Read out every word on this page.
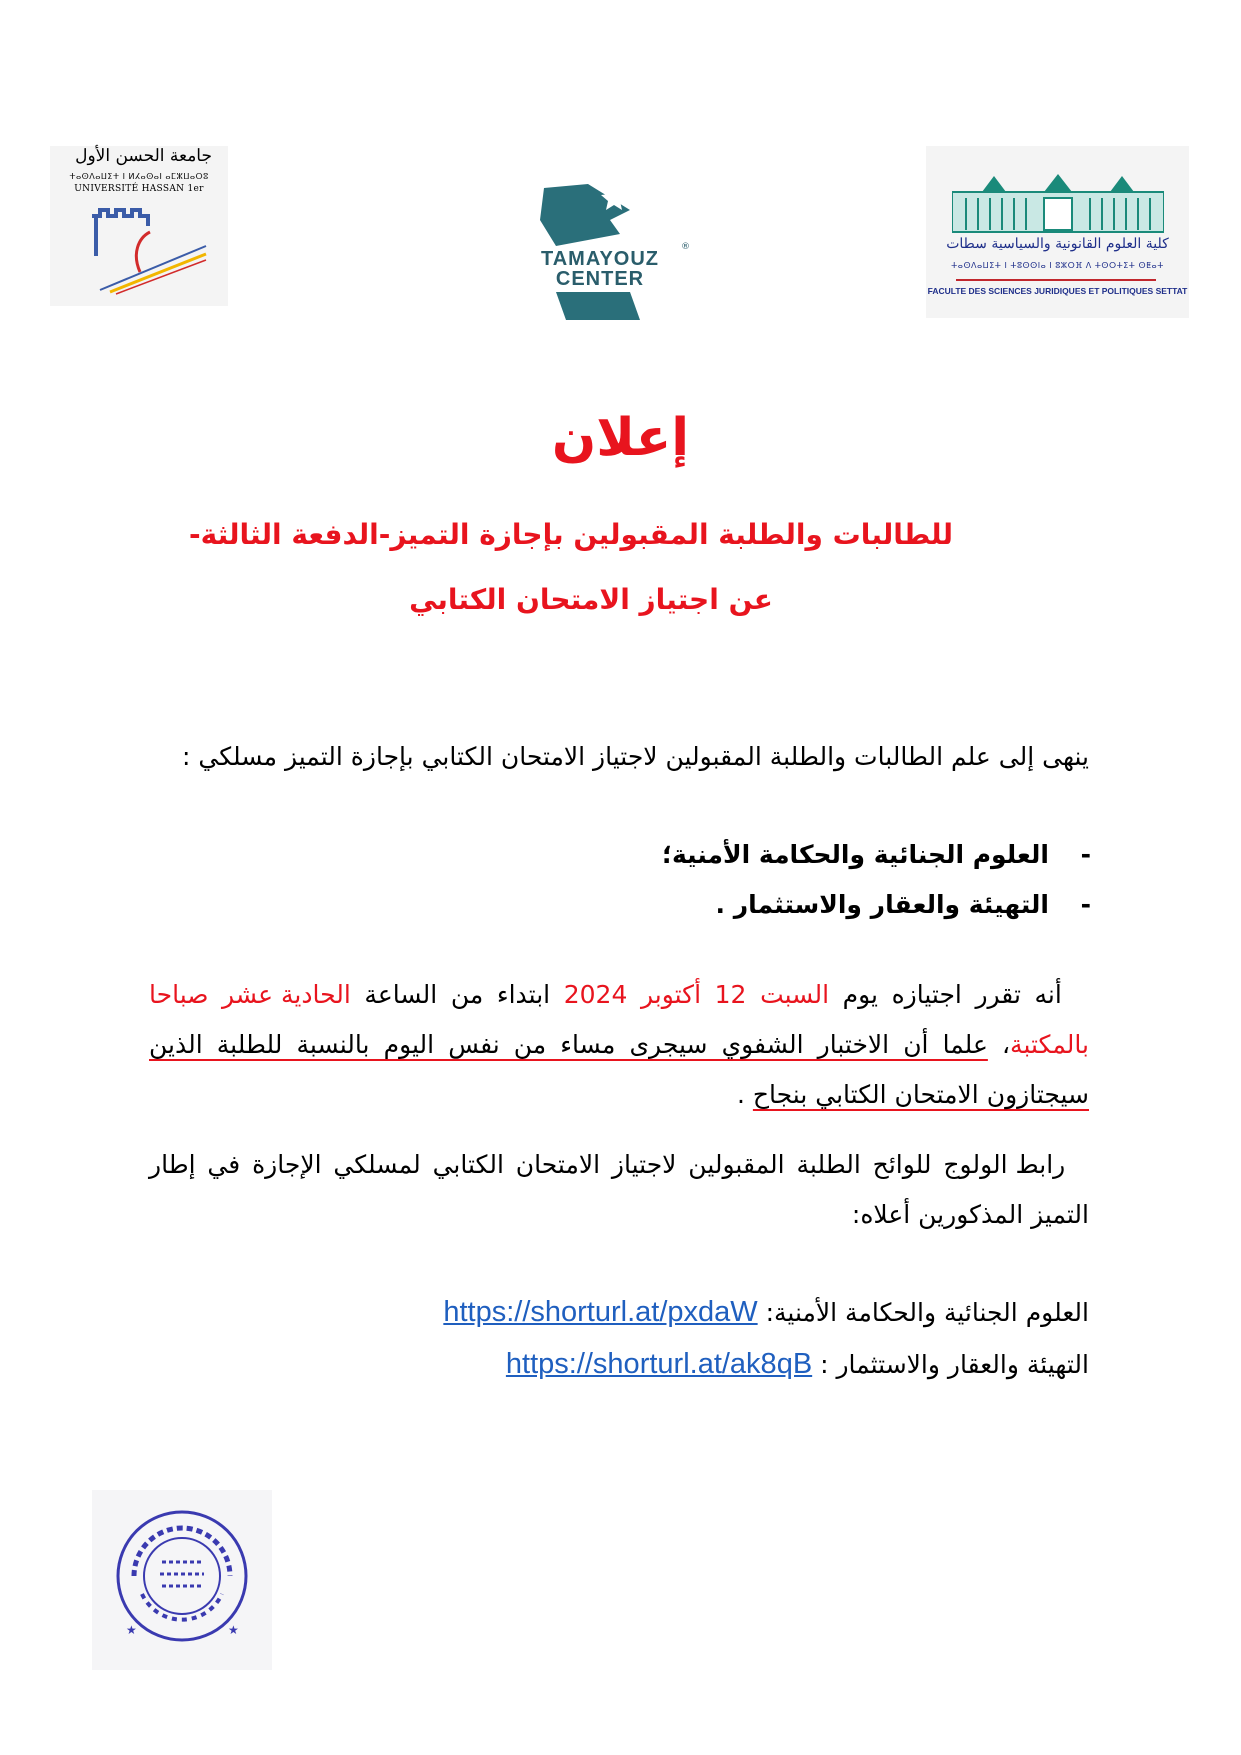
جامعة الحسن الأول
ⵜⴰⵙⴷⴰⵡⵉⵜ ⵏ ⵍⵃⴰⵙⴰⵏ ⴰⵎⵣⵡⴰⵔⵓ
UNIVERSITÉ HASSAN 1er
TAMAYOUZ
CENTER
®	كلية العلوم القانونية والسياسية سطات
ⵜⴰⵙⴷⴰⵡⵉⵜ ⵏ ⵜⵓⵙⵙⵏⴰ ⵏ ⵓⵣⵔⴼ ⴷ ⵜⵙⵔⵜⵉⵜ ⵙⵟⴰⵜ
FACULTE DES SCIENCES JURIDIQUES ET POLITIQUES SETTAT
إعلان
للطالبات والطلبة المقبولين بإجازة التميز-الدفعة الثالثة-
عن اجتياز الامتحان الكتابي
ينهى إلى علم الطالبات والطلبة المقبولين لاجتياز الامتحان الكتابي بإجازة التميز مسلكي :
-
العلوم الجنائية والحكامة الأمنية؛
-
التهيئة والعقار والاستثمار .
أنه تقرر اجتيازه يوم السبت 12 أكتوبر 2024 ابتداء من الساعة الحادية عشر صباحا بالمكتبة، علما أن الاختبار الشفوي سيجرى مساء من نفس اليوم بالنسبة للطلبة الذين سيجتازون الامتحان الكتابي بنجاح .
رابط الولوج للوائح الطلبة المقبولين لاجتياز الامتحان الكتابي لمسلكي الإجازة في إطار التميز المذكورين أعلاه:
العلوم الجنائية والحكامة الأمنية: https://shorturl.at/pxdaW
التهيئة والعقار والاستثمار : https://shorturl.at/ak8qB
★	★
